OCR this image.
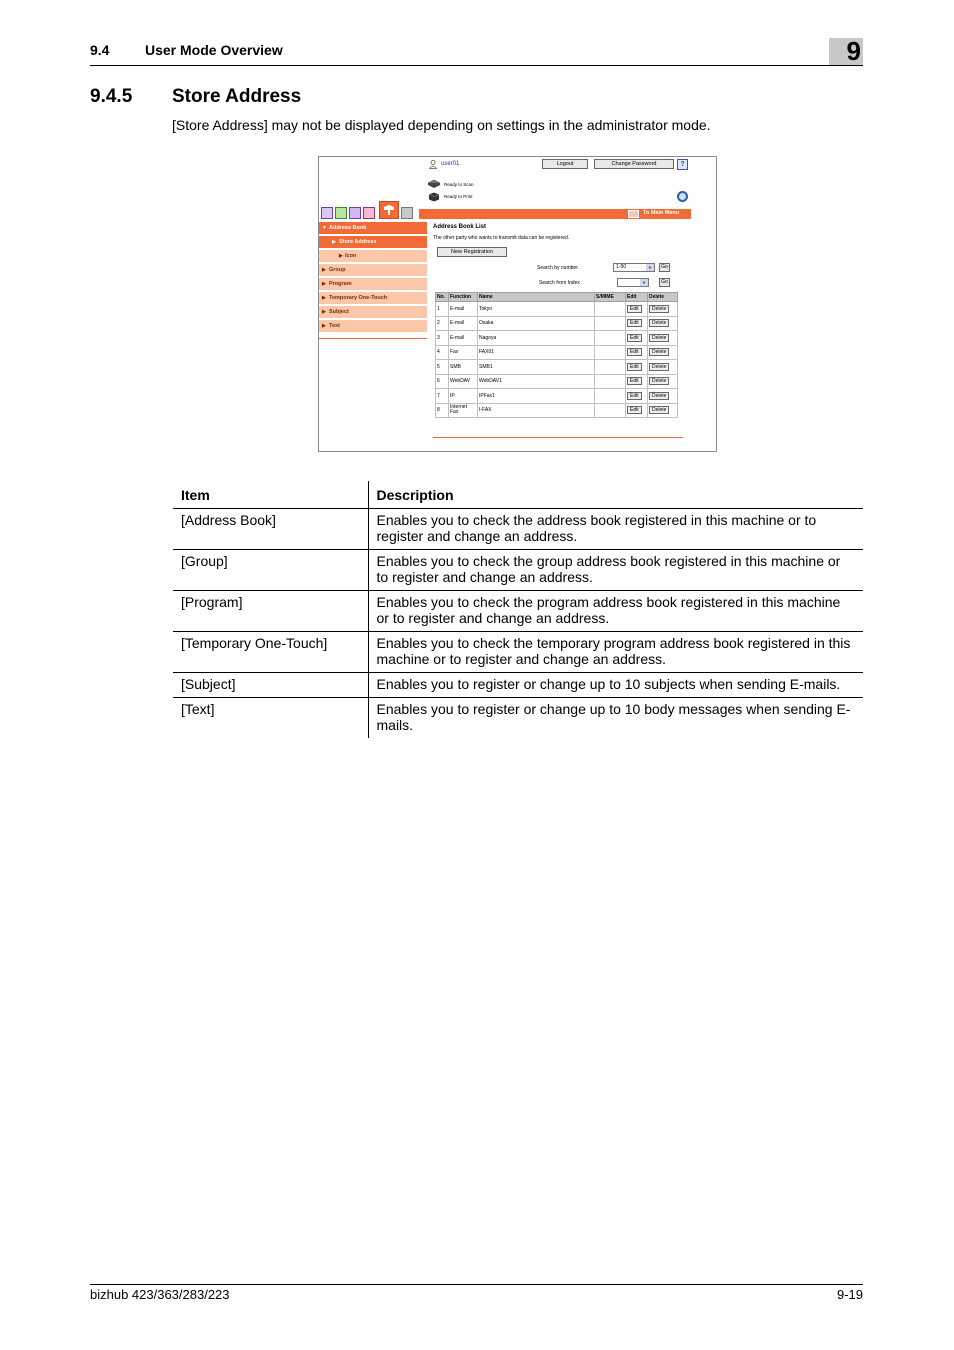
9.4	User Mode Overview	9
9.4.5 Store Address
[Store Address] may not be displayed depending on settings in the administrator mode.
user01	Logout	Change Password	?
Ready to Scan
Ready to Print
To Main Menu
▼ Address Book
▶ Store Address
▶ Icon
▶ Group
▶ Program
▶ Temporary One-Touch
▶ Subject
▶ Text
Address Book List
The other party who wants to transmit data can be registered.
New Registration
Search by number.	1-50	▼	Go
Search from Index	▼	Go
No.	Function	Name	S/MIME	Edit	Delete
1	E-mail	Tokyo		Edit	Delete
2	E-mail	Osaka		Edit	Delete
3	E-mail	Nagoya		Edit	Delete
4	Fax	FAX01		Edit	Delete
5	SMB	SMB1		Edit	Delete
6	WebDAV	WebDAV1		Edit	Delete
7	IP	IPFax1		Edit	Delete
8	Internet Fax	I-FAX		Edit	Delete
Item	Description
[Address Book]	Enables you to check the address book registered in this machine or to register and change an address.
[Group]	Enables you to check the group address book registered in this machine or to register and change an address.
[Program]	Enables you to check the program address book registered in this machine or to register and change an address.
[Temporary One-Touch]	Enables you to check the temporary program address book registered in this machine or to register and change an address.
[Subject]	Enables you to register or change up to 10 subjects when sending E-mails.
[Text]	Enables you to register or change up to 10 body messages when sending E-mails.
bizhub 423/363/283/223	9-19
